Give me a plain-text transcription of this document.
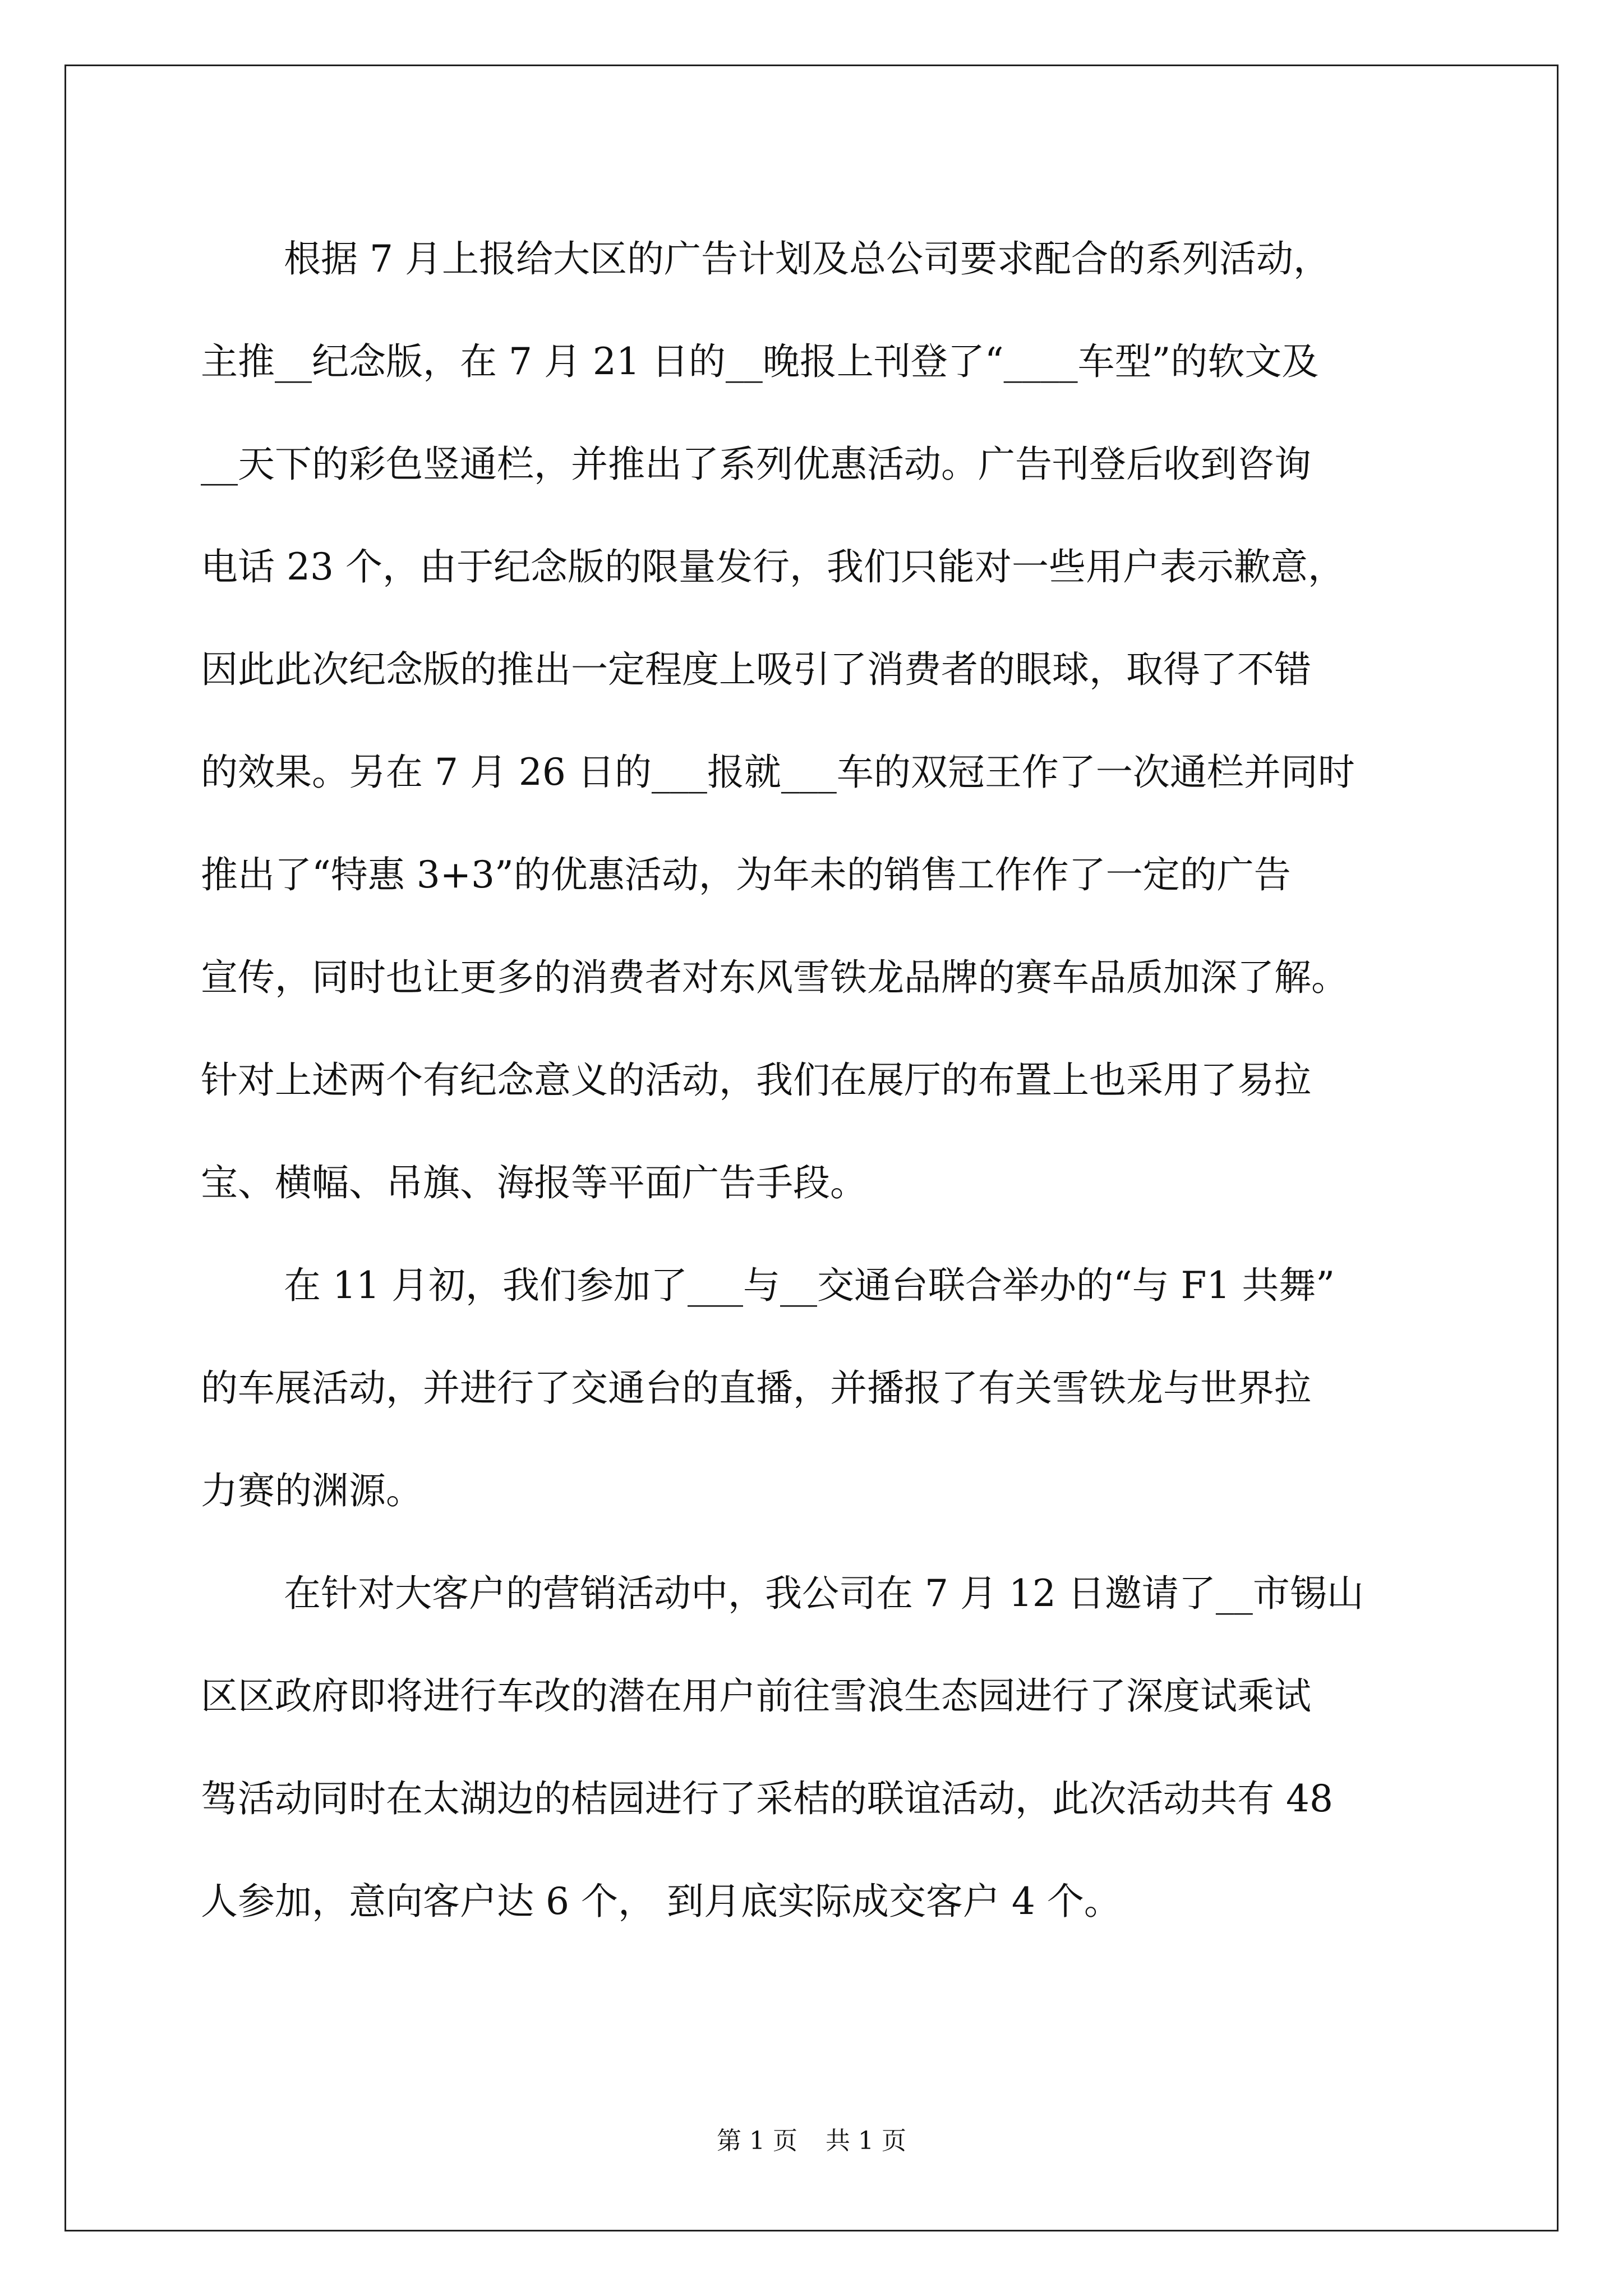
根据 7 月上报给大区的广告计划及总公司要求配合的系列活动，

主推__纪念版，在 7 月 21 日的__晚报上刊登了“____车型”的软文及

__天下的彩色竖通栏，并推出了系列优惠活动。广告刊登后收到咨询

电话 23 个，由于纪念版的限量发行，我们只能对一些用户表示歉意，

因此此次纪念版的推出一定程度上吸引了消费者的眼球，取得了不错

的效果。另在 7 月 26 日的___报就___车的双冠王作了一次通栏并同时

推出了“特惠 3+3”的优惠活动，为年未的销售工作作了一定的广告

宣传，同时也让更多的消费者对东风雪铁龙品牌的赛车品质加深了解。

针对上述两个有纪念意义的活动，我们在展厅的布置上也采用了易拉

宝、横幅、吊旗、海报等平面广告手段。

在 11 月初，我们参加了___与__交通台联合举办的“与 F1 共舞”

的车展活动，并进行了交通台的直播，并播报了有关雪铁龙与世界拉

力赛的渊源。

在针对大客户的营销活动中，我公司在 7 月 12 日邀请了__市锡山

区区政府即将进行车改的潜在用户前往雪浪生态园进行了深度试乘试

驾活动同时在太湖边的桔园进行了采桔的联谊活动，此次活动共有 48

人参加，意向客户达 6 个， 到月底实际成交客户 4 个。

第 1 页 共 1 页
